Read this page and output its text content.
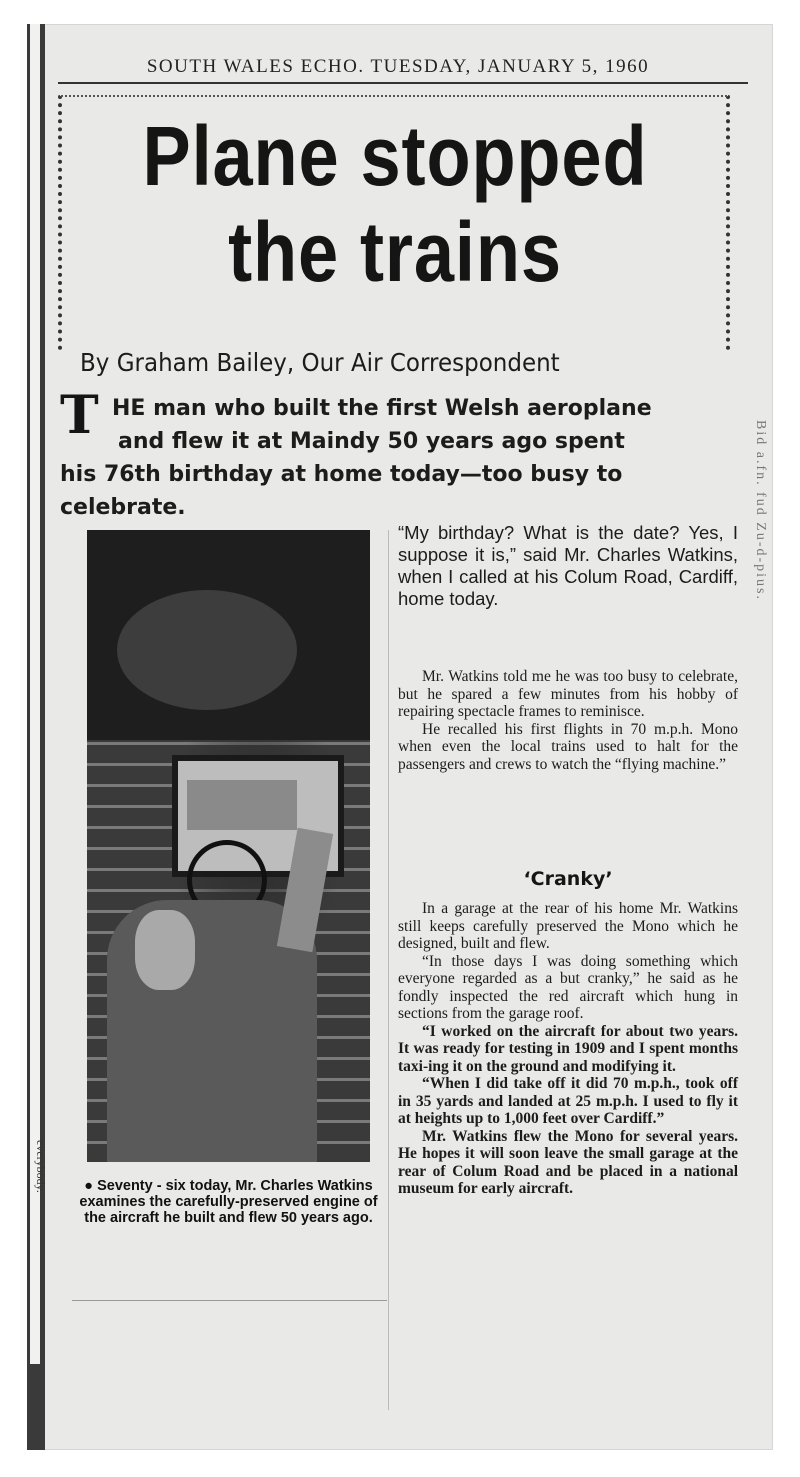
SOUTH WALES ECHO. TUESDAY, JANUARY 5, 1960
Plane stopped
the trains
By Graham Bailey, Our Air Correspondent
T HE man who built the first Welsh aeroplane
and flew it at Maindy 50 years ago spent
his 76th birthday at home today—too busy to
celebrate.
● Seventy - six today, Mr. Charles Watkins examines the carefully-preserved engine of the aircraft he built and flew 50 years ago.

“My birthday? What is the date? Yes, I suppose it is,” said Mr. Charles Watkins, when I called at his Colum Road, Cardiff, home today.

Mr. Watkins told me he was too busy to celebrate, but he spared a few minutes from his hobby of repairing spectacle frames to reminisce.

He recalled his first flights in 70 m.p.h. Mono when even the local trains used to halt for the passengers and crews to watch the “flying machine.”

‘Cranky’

In a garage at the rear of his home Mr. Watkins still keeps carefully preserved the Mono which he designed, built and flew.

“In those days I was doing something which everyone regarded as a but cranky,” he said as he fondly inspected the red aircraft which hung in sections from the garage roof.

“I worked on the aircraft for about two years. It was ready for testing in 1909 and I spent months taxi-ing it on the ground and modifying it.

“When I did take off it did 70 m.p.h., took off in 35 yards and landed at 25 m.p.h. I used to fly it at heights up to 1,000 feet over Cardiff.”

Mr. Watkins flew the Mono for several years. He hopes it will soon leave the small garage at the rear of Colum Road and be placed in a national museum for early aircraft.

Bid a.fn. fud Zu-d-pius.
everybody.
